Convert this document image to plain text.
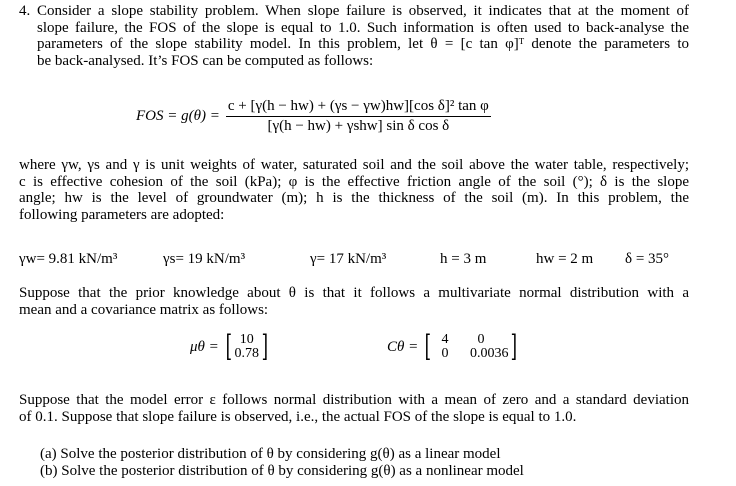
4. Consider a slope stability problem. When slope failure is observed, it indicates that at the moment of
slope failure, the FOS of the slope is equal to 1.0. Such information is often used to back-analyse the
parameters of the slope stability model. In this problem, let θ = [c tan φ]ᵀ denote the parameters to
be back-analysed. It’s FOS can be computed as follows:
FOS = $g(\theta) = \frac{\text{c + [γ(h − hw) + (γs − γw)hw][cos δ]² tan φ}}{\text{[γ(h − hw) + γshw] sin δ cos δ}}$
where γw, γs and γ is unit weights of water, saturated soil and the soil above the water table, respectively;
c is effective cohesion of the soil (kPa); φ is the effective friction angle of the soil (°); δ is the slope
angle; hw is the level of groundwater (m); h is the thickness of the soil (m). In this problem, the
following parameters are adopted:
γw= 9.81 kN/m³	γs= 19 kN/m³	γ= 17 kN/m³	h = 3 m	hw = 2 m δ = 35°
Suppose that the prior knowledge about θ is that it follows a multivariate normal distribution with a
mean and a covariance matrix as follows:
μθ = [ 10
0.78 ]	Cθ = [ 4	0
0	0.0036 ]
Suppose that the model error ε follows normal distribution with a mean of zero and a standard deviation
of 0.1. Suppose that slope failure is observed, i.e., the actual FOS of the slope is equal to 1.0.
(a) Solve the posterior distribution of θ by considering g(θ) as a linear model
(b) Solve the posterior distribution of θ by considering g(θ) as a nonlinear model
